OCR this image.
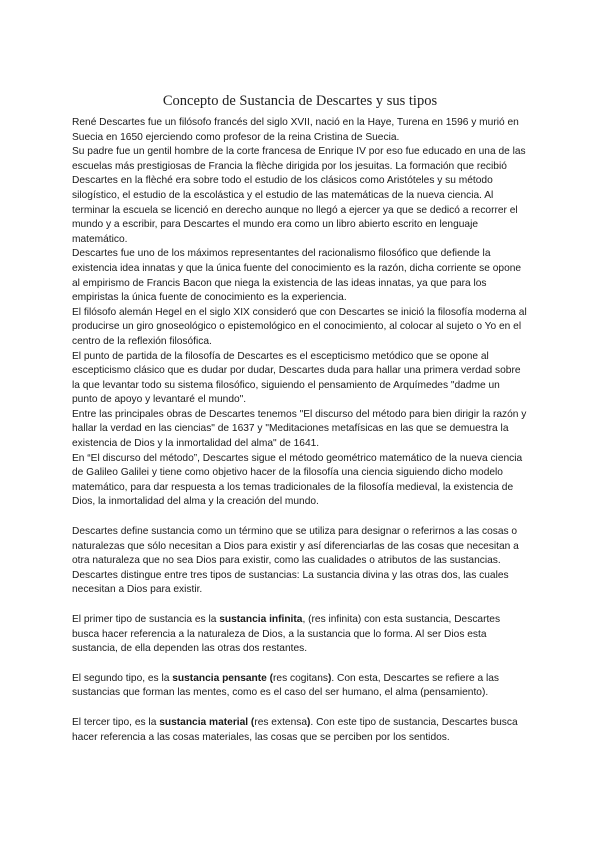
Concepto de Sustancia de Descartes y sus tipos

René Descartes fue un filósofo francés del siglo XVII, nació en la Haye, Turena en 1596 y murió en Suecia en 1650 ejerciendo como profesor de la reina Cristina de Suecia.

Su padre fue un gentil hombre de la corte francesa de Enrique IV por eso fue educado en una de las escuelas más prestigiosas de Francia la flèche dirigida por los jesuitas. La formación que recibió Descartes en la flèché era sobre todo el estudio de los clásicos como Aristóteles y su método silogístico, el estudio de la escolástica y el estudio de las matemáticas de la nueva ciencia. Al terminar la escuela se licenció en derecho aunque no llegó a ejercer ya que se dedicó a recorrer el mundo y a escribir, para Descartes el mundo era como un libro abierto escrito en lenguaje matemático.

Descartes fue uno de los máximos representantes del racionalismo filosófico que defiende la existencia idea innatas y que la única fuente del conocimiento es la razón, dicha corriente se opone al empirismo de Francis Bacon que niega la existencia de las ideas innatas, ya que para los empiristas la única fuente de conocimiento es la experiencia.

El filósofo alemán Hegel en el siglo XIX consideró que con Descartes se inició la filosofía moderna al producirse un giro gnoseológico o epistemológico en el conocimiento, al colocar al sujeto o Yo en el centro de la reflexión filosófica.

El punto de partida de la filosofía de Descartes es el escepticismo metódico que se opone al escepticismo clásico que es dudar por dudar, Descartes duda para hallar una primera verdad sobre la que levantar todo su sistema filosófico, siguiendo el pensamiento de Arquímedes "dadme un punto de apoyo y levantaré el mundo".

Entre las principales obras de Descartes tenemos "El discurso del método para bien dirigir la razón y hallar la verdad en las ciencias" de 1637 y "Meditaciones metafísicas en las que se demuestra la existencia de Dios y la inmortalidad del alma" de 1641.

En “El discurso del método”, Descartes sigue el método geométrico matemático de la nueva ciencia de Galileo Galilei y tiene como objetivo hacer de la filosofía una ciencia siguiendo dicho modelo matemático, para dar respuesta a los temas tradicionales de la filosofía medieval, la existencia de Dios, la inmortalidad del alma y la creación del mundo.

Descartes define sustancia como un término que se utiliza para designar o referirnos a las cosas o naturalezas que sólo necesitan a Dios para existir y así diferenciarlas de las cosas que necesitan a otra naturaleza que no sea Dios para existir, como las cualidades o atributos de las sustancias.

Descartes distingue entre tres tipos de sustancias: La sustancia divina y las otras dos, las cuales necesitan a Dios para existir.

El primer tipo de sustancia es la sustancia infinita, (res infinita) con esta sustancia, Descartes busca hacer referencia a la naturaleza de Dios, a la sustancia que lo forma. Al ser Dios esta sustancia, de ella dependen las otras dos restantes.

El segundo tipo, es la sustancia pensante (res cogitans). Con esta, Descartes se refiere a las sustancias que forman las mentes, como es el caso del ser humano, el alma (pensamiento).

El tercer tipo, es la sustancia material (res extensa). Con este tipo de sustancia, Descartes busca hacer referencia a las cosas materiales, las cosas que se perciben por los sentidos.
